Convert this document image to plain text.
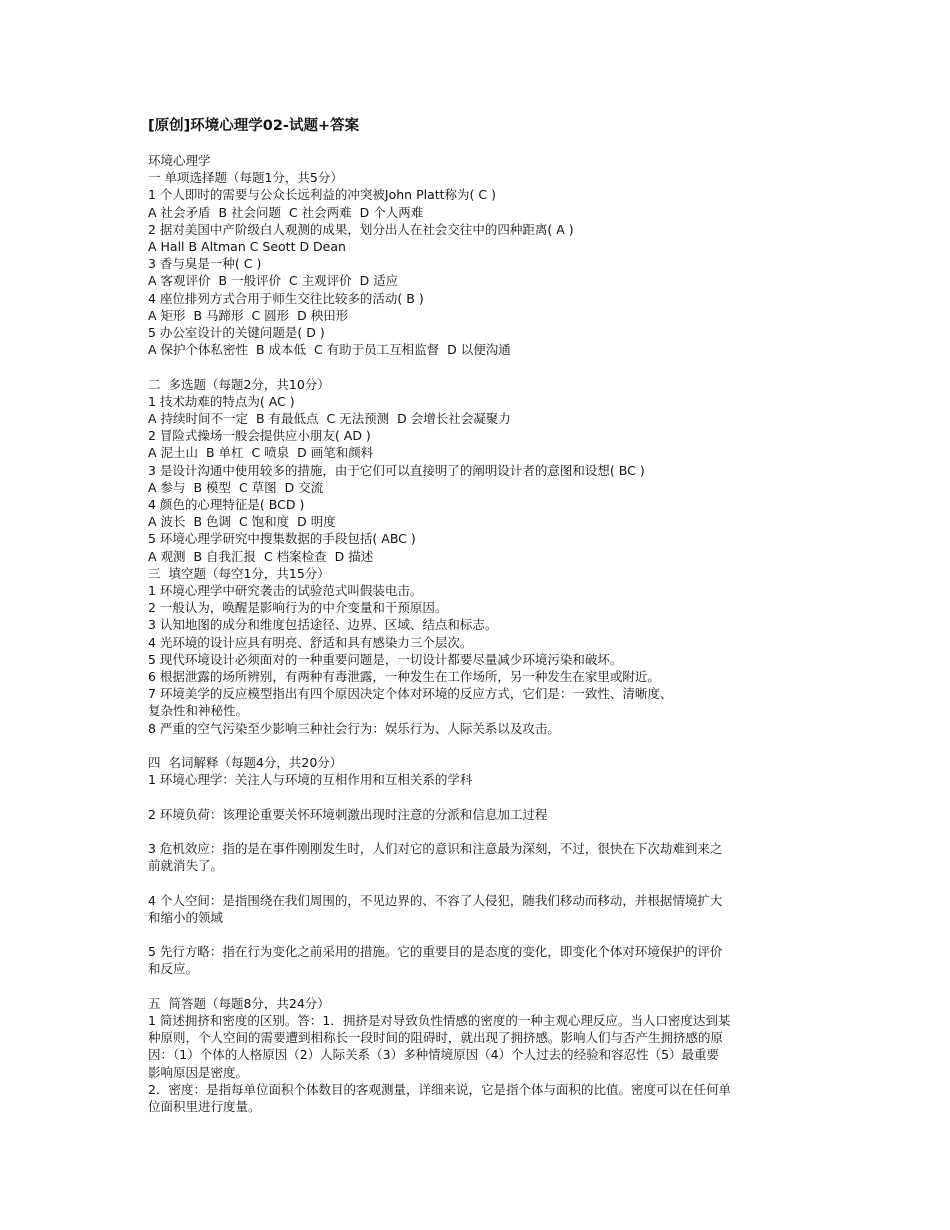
[原创]环境心理学02-试题+答案
环境心理学
一 单项选择题（每题1分，共5分）
1 个人即时的需要与公众长远利益的冲突被John Platt称为( C )
A 社会矛盾  B 社会问题  C 社会两难  D 个人两难
2 据对美国中产阶级白人观测的成果，划分出人在社会交往中的四种距离( A )
A Hall B Altman C Seott D Dean
3 香与臭是一种( C )
A 客观评价  B 一般评价  C 主观评价  D 适应
4 座位排列方式合用于师生交往比较多的活动( B )
A 矩形  B 马蹄形  C 圆形  D 秧田形
5 办公室设计的关键问题是( D )
A 保护个体私密性  B 成本低  C 有助于员工互相监督  D 以便沟通
二  多选题（每题2分，共10分）
1 技术劫难的特点为( AC )
A 持续时间不一定  B 有最低点  C 无法预测  D 会增长社会凝聚力
2 冒险式操场一般会提供应小朋友( AD )
A 泥土山  B 单杠  C 喷泉  D 画笔和颜料
3 是设计沟通中使用较多的措施，由于它们可以直接明了的阐明设计者的意图和设想( BC )
A 参与  B 模型  C 草图  D 交流
4 颜色的心理特征是( BCD )
A 波长  B 色调  C 饱和度  D 明度
5 环境心理学研究中搜集数据的手段包括( ABC )
A 观测  B 自我汇报  C 档案检查  D 描述
三  填空题（每空1分，共15分）
1 环境心理学中研究袭击的试验范式叫假装电击。
2 一般认为，唤醒是影响行为的中介变量和干预原因。
3 认知地图的成分和维度包括途径、边界、区域、结点和标志。
4 光环境的设计应具有明亮、舒适和具有感染力三个层次。
5 现代环境设计必须面对的一种重要问题是，一切设计都要尽量减少环境污染和破坏。
6 根据泄露的场所辨别，有两种有毒泄露，一种发生在工作场所，另一种发生在家里或附近。
7 环境美学的反应模型指出有四个原因决定个体对环境的反应方式，它们是：一致性、清晰度、
复杂性和神秘性。
8 严重的空气污染至少影响三种社会行为：娱乐行为、人际关系以及攻击。
四  名词解释（每题4分，共20分）
1 环境心理学：关注人与环境的互相作用和互相关系的学科
2 环境负荷：该理论重要关怀环境刺激出现时注意的分派和信息加工过程
3 危机效应：指的是在事件刚刚发生时，人们对它的意识和注意最为深刻，不过，很快在下次劫难到来之
前就消失了。
4 个人空间：是指围绕在我们周围的，不见边界的、不容了人侵犯，随我们移动而移动，并根据情境扩大
和缩小的领域
5 先行方略：指在行为变化之前采用的措施。它的重要目的是态度的变化，即变化个体对环境保护的评价
和反应。
五  简答题（每题8分，共24分）
1 简述拥挤和密度的区别。答：1．拥挤是对导致负性情感的密度的一种主观心理反应。当人口密度达到某
种原则，个人空间的需要遭到相称长一段时间的阻碍时，就出现了拥挤感。影响人们与否产生拥挤感的原
因：（1）个体的人格原因（2）人际关系（3）多种情境原因（4）个人过去的经验和容忍性（5）最重要
影响原因是密度。
2．密度：是指每单位面积个体数目的客观测量，详细来说，它是指个体与面积的比值。密度可以在任何单
位面积里进行度量。
